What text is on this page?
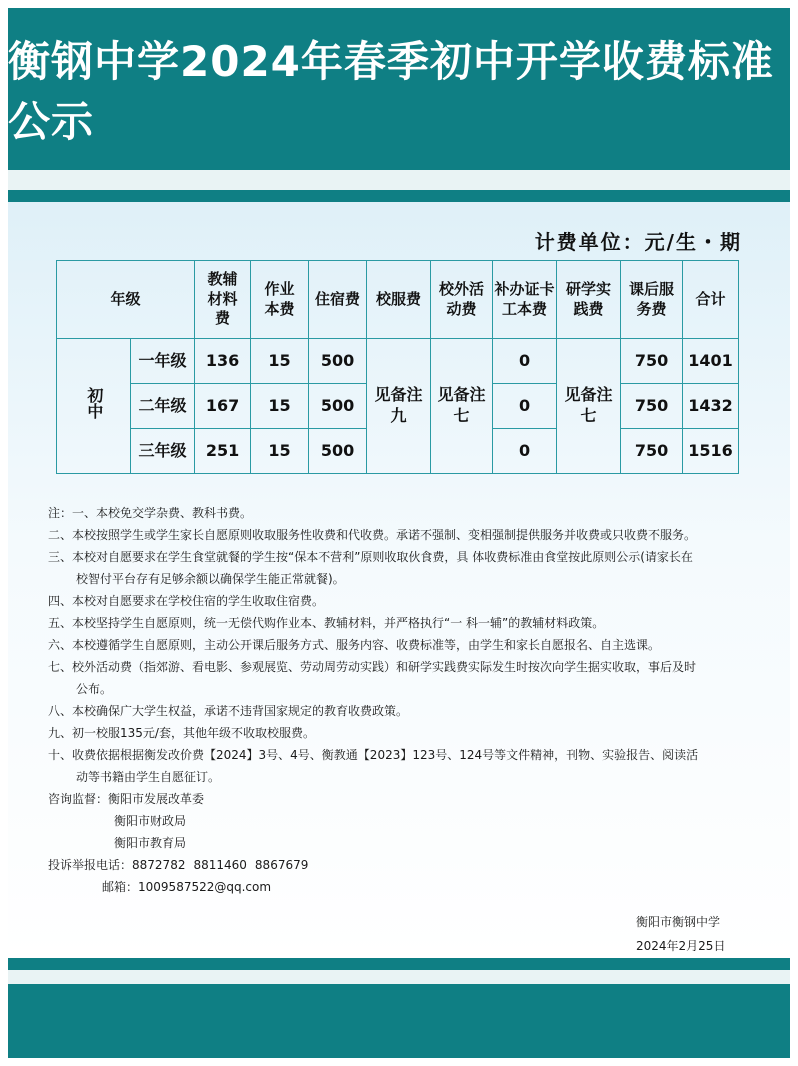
衡钢中学2024年春季初中开学收费标准公示
计费单位：元/生・期
年级		教辅材料费	作业本费	住宿费	校服费	校外活动费	补办证卡工本费	研学实践费	课后服务费	合计
初中	一年级	136	15	500	见备注九	见备注七	0	见备注七	750	1401
	二年级	167	15	500			0		750	1432
	三年级	251	15	500			0		750	1516
注：一、本校免交学杂费、教科书费。
二、本校按照学生或学生家长自愿原则收取服务性收费和代收费。承诺不强制、变相强制提供服务并收费或只收费不服务。
三、本校对自愿要求在学生食堂就餐的学生按“保本不营利”原则收取伙食费，具 体收费标准由食堂按此原则公示(请家长在
校智付平台存有足够余额以确保学生能正常就餐)。
四、本校对自愿要求在学校住宿的学生收取住宿费。
五、本校坚持学生自愿原则，统一无偿代购作业本、教辅材料，并严格执行“一 科一辅”的教辅材料政策。
六、本校遵循学生自愿原则，主动公开课后服务方式、服务内容、收费标准等，由学生和家长自愿报名、自主选课。
七、校外活动费（指郊游、看电影、参观展览、劳动周劳动实践）和研学实践费实际发生时按次向学生据实收取，事后及时
公布。
八、本校确保广大学生权益，承诺不违背国家规定的教育收费政策。
九、初一校服135元/套，其他年级不收取校服费。
十、收费依据根据衡发改价费【2024】3号、4号、衡教通【2023】123号、124号等文件精神，刊物、实验报告、阅读活
动等书籍由学生自愿征订。
咨询监督：衡阳市发展改革委
衡阳市财政局
衡阳市教育局
投诉举报电话：8872782 8811460 8867679
邮箱：1009587522@qq.com
衡阳市衡钢中学
2024年2月25日
